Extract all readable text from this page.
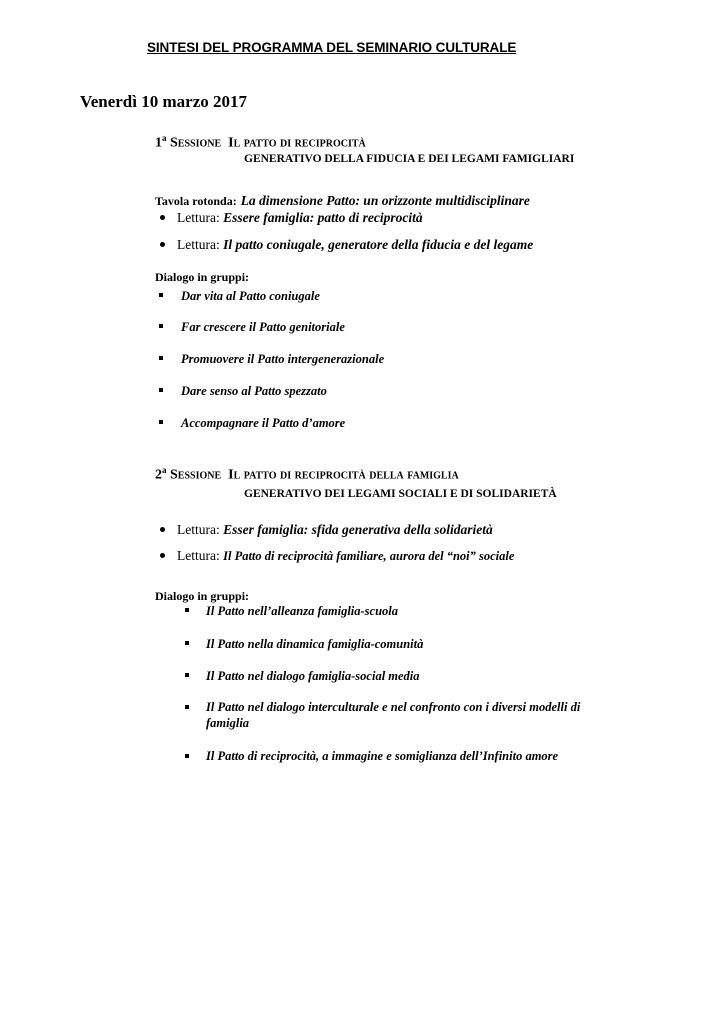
SINTESI DEL PROGRAMMA DEL SEMINARIO CULTURALE
Venerdì 10 marzo 2017
1$^a$ Sessione Il patto di reciprocità
GENERATIVO DELLA FIDUCIA E DEI LEGAMI FAMIGLIARI
Tavola rotonda: La dimensione Patto: un orizzonte multidisciplinare
Lettura: Essere famiglia: patto di reciprocità
Lettura: Il patto coniugale, generatore della fiducia e del legame
Dialogo in gruppi:
Dar vita al Patto coniugale
Far crescere il Patto genitoriale
Promuovere il Patto intergenerazionale
Dare senso al Patto spezzato
Accompagnare il Patto d’amore
2$^a$ Sessione Il patto di reciprocità della famiglia
GENERATIVO DEI LEGAMI SOCIALI E DI SOLIDARIETÀ
Lettura: Esser famiglia: sfida generativa della solidarietà
Lettura: Il Patto di reciprocità familiare, aurora del “noi” sociale
Dialogo in gruppi:
Il Patto nell’alleanza famiglia-scuola
Il Patto nella dinamica famiglia-comunità
Il Patto nel dialogo famiglia-social media
Il Patto nel dialogo interculturale e nel confronto con i diversi modelli di famiglia
Il Patto di reciprocità, a immagine e somiglianza dell’Infinito amore
